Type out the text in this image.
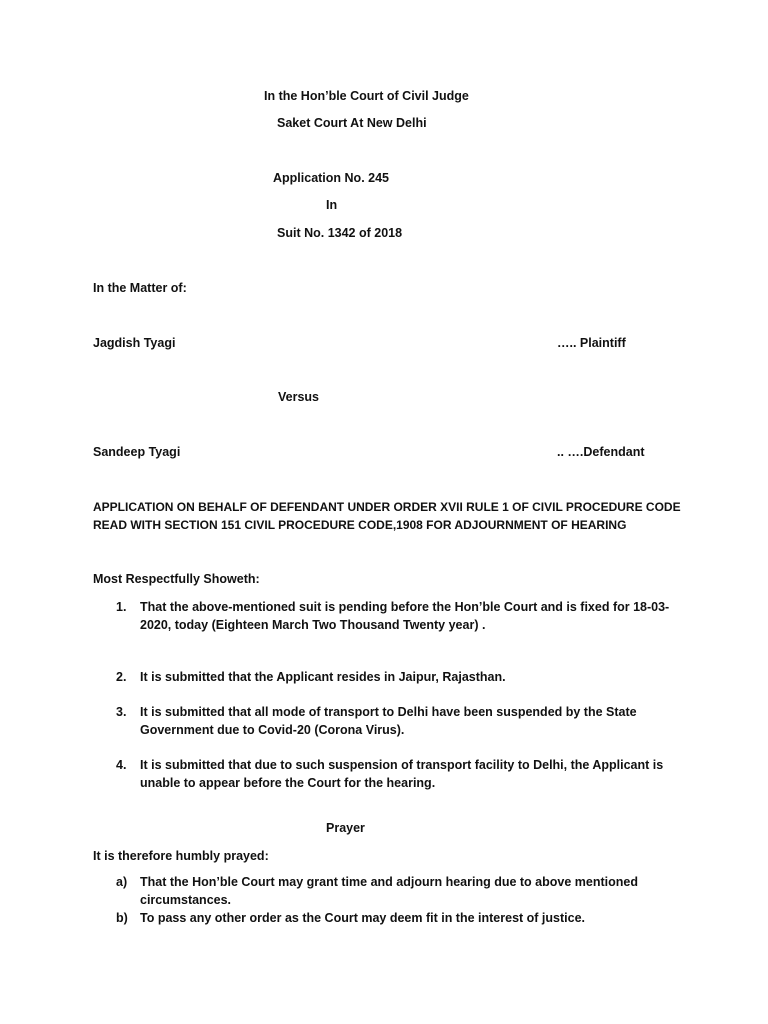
In the Hon’ble Court of Civil Judge
Saket Court At New Delhi
Application No. 245
In
Suit No. 1342 of 2018
In the Matter of:
Jagdish Tyagi	….. Plaintiff
Versus
Sandeep Tyagi	.. ….Defendant
APPLICATION ON BEHALF OF DEFENDANT UNDER ORDER XVII RULE 1 OF CIVIL PROCEDURE CODE
READ WITH SECTION 151 CIVIL PROCEDURE CODE,1908 FOR ADJOURNMENT OF HEARING
Most Respectfully Showeth:
1. That the above-mentioned suit is pending before the Hon’ble Court and is fixed for 18-03-
2020, today (Eighteen March Two Thousand Twenty year) .
2. It is submitted that the Applicant resides in Jaipur, Rajasthan.
3. It is submitted that all mode of transport to Delhi have been suspended by the State
Government due to Covid-20 (Corona Virus).
4. It is submitted that due to such suspension of transport facility to Delhi, the Applicant is
unable to appear before the Court for the hearing.
Prayer
It is therefore humbly prayed:
a) That the Hon’ble Court may grant time and adjourn hearing due to above mentioned
circumstances.
b) To pass any other order as the Court may deem fit in the interest of justice.
